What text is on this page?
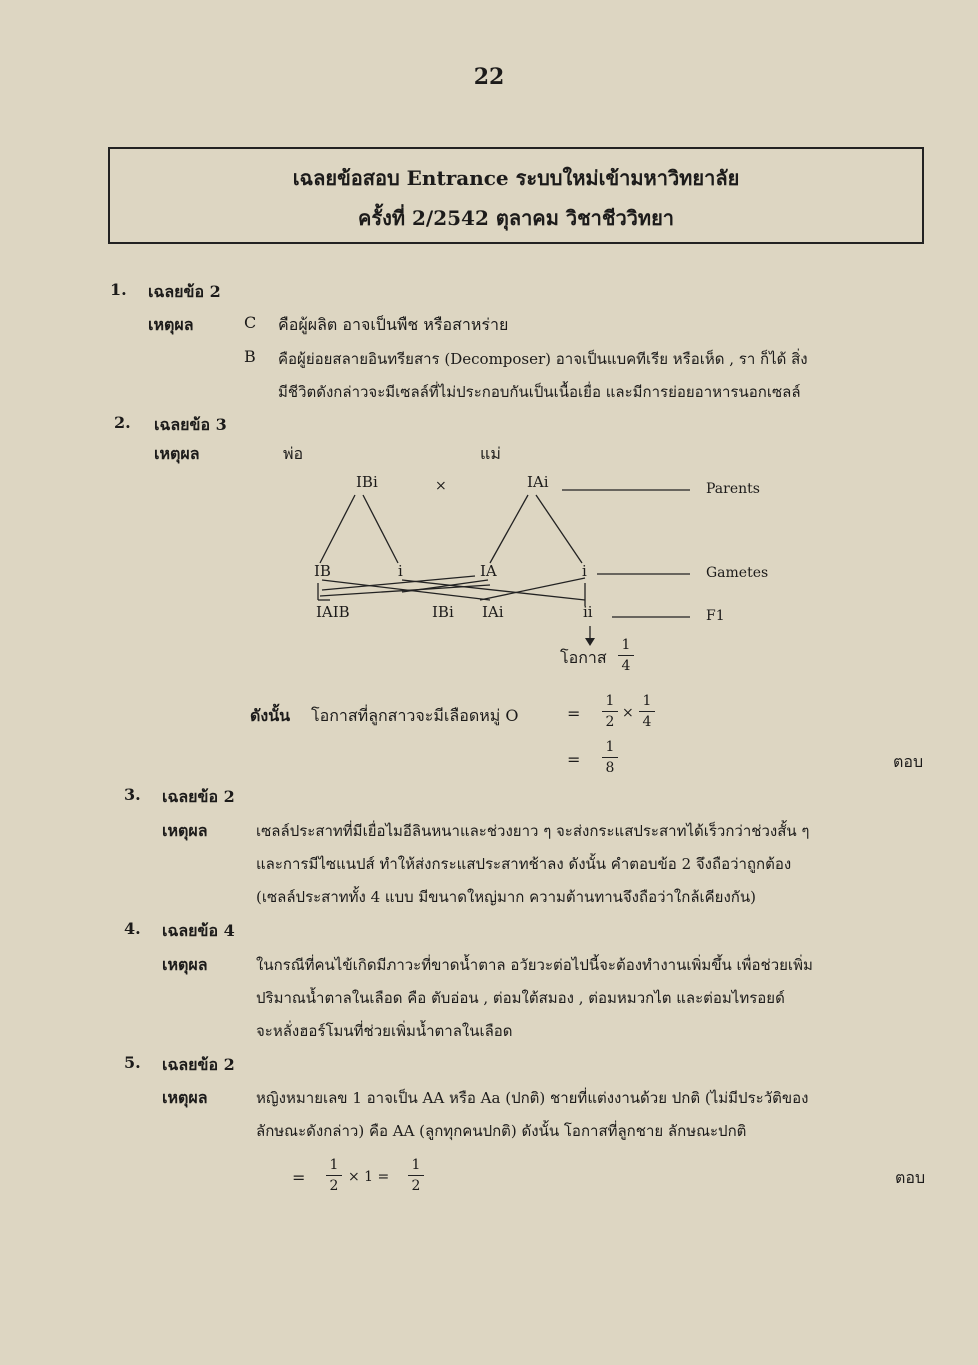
22
เฉลยข้อสอบ Entrance ระบบใหม่เข้ามหาวิทยาลัย
ครั้งที่ 2/2542 ตุลาคม วิชาชีววิทยา
1. เฉลยข้อ 2
เหตุผล	C คือผู้ผลิต อาจเป็นพืช หรือสาหร่าย
B คือผู้ย่อยสลายอินทรียสาร (Decomposer) อาจเป็นแบคทีเรีย หรือเห็ด , รา ก็ได้ สิ่ง
มีชีวิตดังกล่าวจะมีเซลล์ที่ไม่ประกอบกันเป็นเนื้อเยื่อ และมีการย่อยอาหารนอกเซลล์
2. เฉลยข้อ 3
เหตุผล	พ่อ	แม่
IBi	×	IAi	Parents
IB	i	IA	i	Gametes
IAIB	IBi IAi	ii	F1
โอกาส
1
4
ดังนั้น โอกาสที่ลูกสาวจะมีเลือดหมู่ O	=
1
2
×
1
4
=
1
8	ตอบ
3. เฉลยข้อ 2
เหตุผล	เซลล์ประสาทที่มีเยื่อไมอีลินหนาและช่วงยาว ๆ จะส่งกระแสประสาทได้เร็วกว่าช่วงสั้น ๆ
และการมีไซแนปส์ ทำให้ส่งกระแสประสาทช้าลง ดังนั้น คำตอบข้อ 2 จึงถือว่าถูกต้อง
(เซลล์ประสาททั้ง 4 แบบ มีขนาดใหญ่มาก ความต้านทานจึงถือว่าใกล้เคียงกัน)
4. เฉลยข้อ 4
เหตุผล	ในกรณีที่คนไข้เกิดมีภาวะที่ขาดน้ำตาล อวัยวะต่อไปนี้จะต้องทำงานเพิ่มขึ้น เพื่อช่วยเพิ่ม
ปริมาณน้ำตาลในเลือด คือ ตับอ่อน , ต่อมใต้สมอง , ต่อมหมวกไต และต่อมไทรอยด์
จะหลั่งฮอร์โมนที่ช่วยเพิ่มน้ำตาลในเลือด
5. เฉลยข้อ 2
เหตุผล	หญิงหมายเลข 1 อาจเป็น AA หรือ Aa (ปกติ) ชายที่แต่งงานด้วย ปกติ (ไม่มีประวัติของ
ลักษณะดังกล่าว) คือ AA (ลูกทุกคนปกติ) ดังนั้น โอกาสที่ลูกชาย ลักษณะปกติ
=
1
2
× 1 =
1
2	ตอบ
